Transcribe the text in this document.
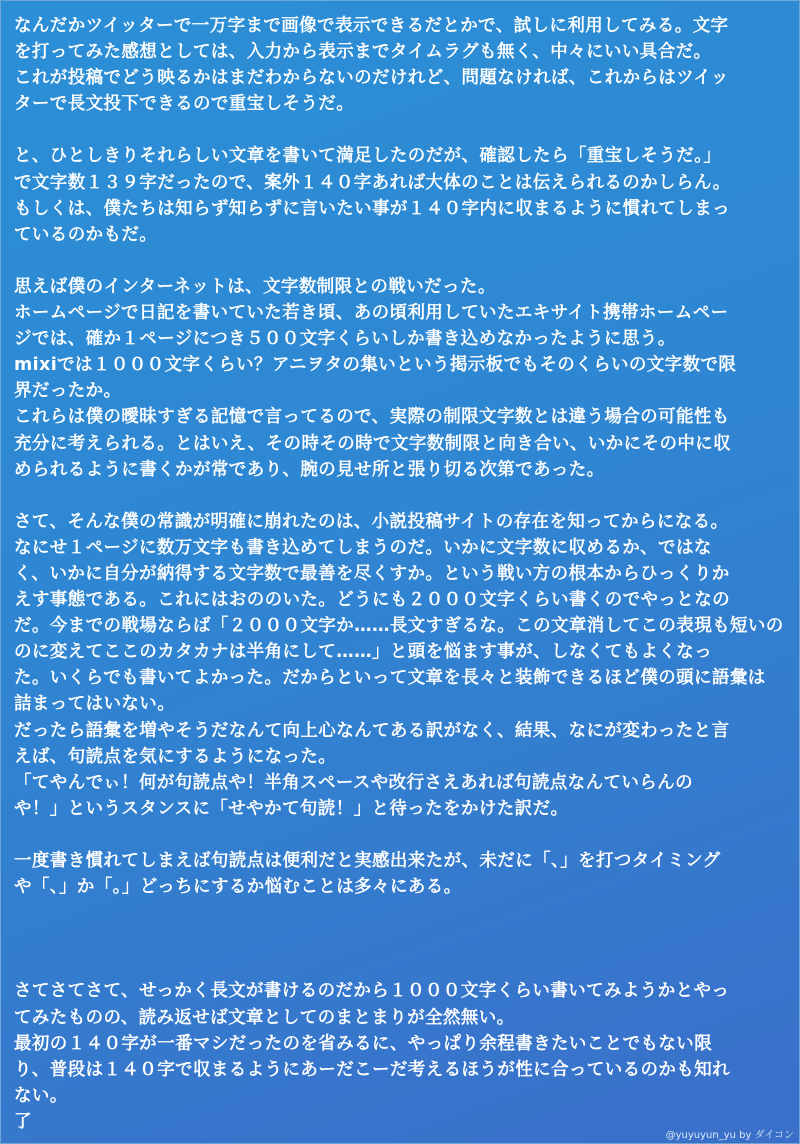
なんだかツイッターで一万字まで画像で表示できるだとかで、試しに利用してみる。文字
を打ってみた感想としては、入力から表示までタイムラグも無く、中々にいい具合だ。
これが投稿でどう映るかはまだわからないのだけれど、問題なければ、これからはツイッ
ターで長文投下できるので重宝しそうだ。
と、ひとしきりそれらしい文章を書いて満足したのだが、確認したら「重宝しそうだ。」
で文字数１３９字だったので、案外１４０字あれば大体のことは伝えられるのかしらん。
もしくは、僕たちは知らず知らずに言いたい事が１４０字内に収まるように慣れてしまっ
ているのかもだ。
思えば僕のインターネットは、文字数制限との戦いだった。
ホームページで日記を書いていた若き頃、あの頃利用していたエキサイト携帯ホームペー
ジでは、確か１ページにつき５００文字くらいしか書き込めなかったように思う。
mixiでは１０００文字くらい？アニヲタの集いという掲示板でもそのくらいの文字数で限
界だったか。
これらは僕の曖昧すぎる記憶で言ってるので、実際の制限文字数とは違う場合の可能性も
充分に考えられる。とはいえ、その時その時で文字数制限と向き合い、いかにその中に収
められるように書くかが常であり、腕の見せ所と張り切る次第であった。
さて、そんな僕の常識が明確に崩れたのは、小説投稿サイトの存在を知ってからになる。
なにせ１ページに数万文字も書き込めてしまうのだ。いかに文字数に収めるか、ではな
く、いかに自分が納得する文字数で最善を尽くすか。という戦い方の根本からひっくりか
えす事態である。これにはおののいた。どうにも２０００文字くらい書くのでやっとなの
だ。今までの戦場ならば「２０００文字か……長文すぎるな。この文章消してこの表現も短いの
のに変えてここのカタカナは半角にして……」と頭を悩ます事が、しなくてもよくなっ
た。いくらでも書いてよかった。だからといって文章を長々と装飾できるほど僕の頭に語彙は
詰まってはいない。
だったら語彙を増やそうだなんて向上心なんてある訳がなく、結果、なにが変わったと言
えば、句読点を気にするようになった。
「てやんでぃ！何が句読点や！半角スペースや改行さえあれば句読点なんていらんの
や！」というスタンスに「せやかて句読！」と待ったをかけた訳だ。
一度書き慣れてしまえば句読点は便利だと実感出来たが、未だに「、」を打つタイミング
や「、」か「。」どっちにするか悩むことは多々にある。
さてさてさて、せっかく長文が書けるのだから１０００文字くらい書いてみようかとやっ
てみたものの、読み返せば文章としてのまとまりが全然無い。
最初の１４０字が一番マシだったのを省みるに、やっぱり余程書きたいことでもない限
り、普段は１４０字で収まるようにあーだこーだ考えるほうが性に合っているのかも知れ
ない。
了
@yuyuyun_yu by ダイコン
